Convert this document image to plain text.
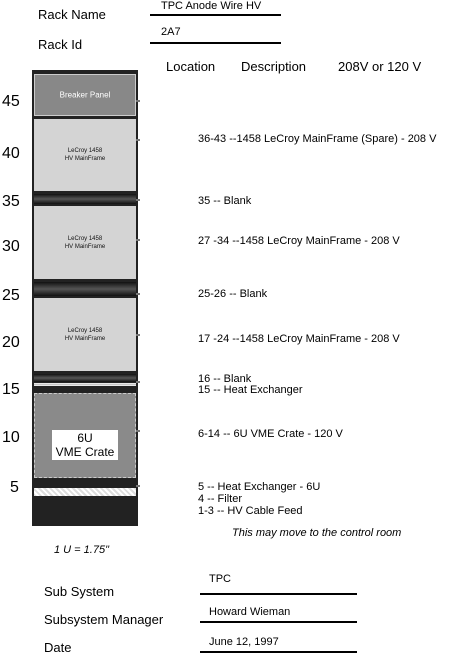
Rack Name
TPC Anode Wire HV
Rack Id
2A7
Location Description 208V or 120 V
45
40
35
30
25
20
15
10
5
Breaker Panel
LeCroy 1458
HV MainFrame
LeCroy 1458
HV MainFrame
LeCroy 1458
HV MainFrame
6U
VME Crate
36-43 --1458 LeCroy MainFrame (Spare) - 208 V
35 -- Blank
27 -34 --1458 LeCroy MainFrame - 208 V
25-26 -- Blank
17 -24 --1458 LeCroy MainFrame - 208 V
16 -- Blank
15 -- Heat Exchanger
6-14 -- 6U VME Crate - 120 V
5 -- Heat Exchanger - 6U
4 -- Filter
1-3 -- HV Cable Feed
This may move to the control room
1 U = 1.75"
Sub System
TPC
Subsystem Manager	Howard Wieman
Date	June 12, 1997
